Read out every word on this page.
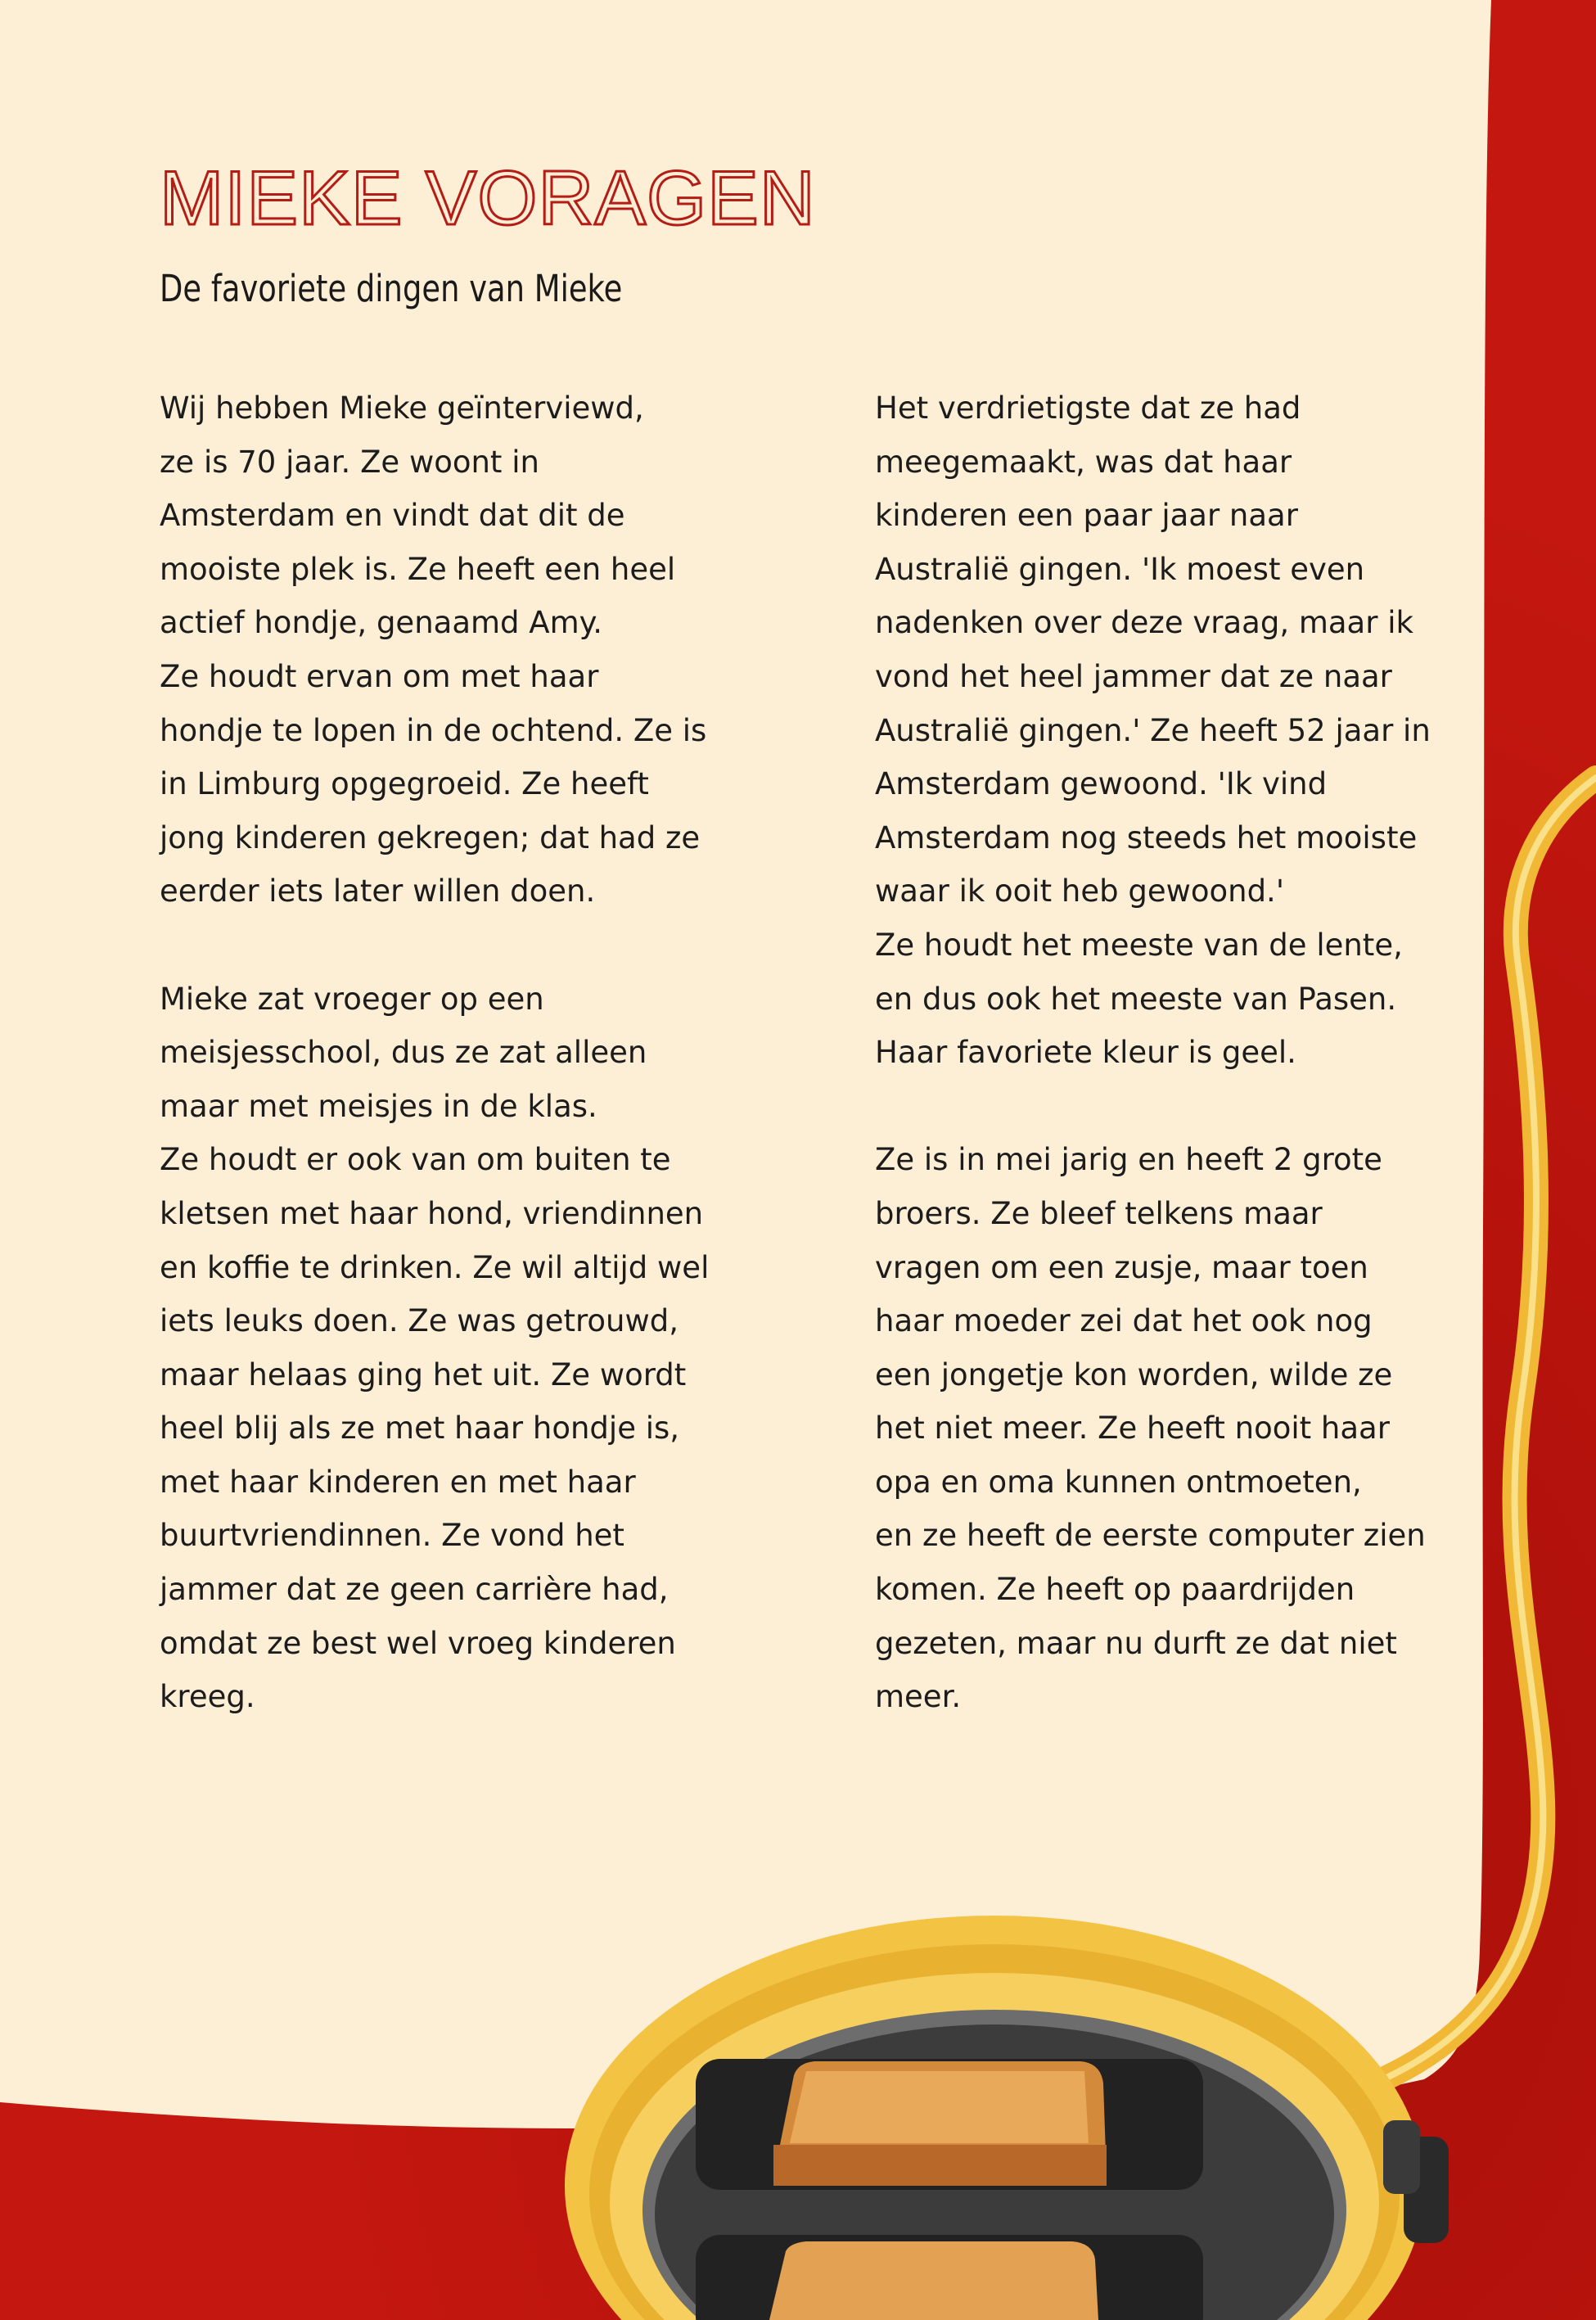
MIEKE VORAGEN
De favoriete dingen van Mieke

Wij hebben Mieke geïnterviewd,
ze is 70 jaar. Ze woont in
Amsterdam en vindt dat dit de
mooiste plek is. Ze heeft een heel
actief hondje, genaamd Amy.
Ze houdt ervan om met haar
hondje te lopen in de ochtend. Ze is
in Limburg opgegroeid. Ze heeft
jong kinderen gekregen; dat had ze
eerder iets later willen doen.

Mieke zat vroeger op een
meisjesschool, dus ze zat alleen
maar met meisjes in de klas.
Ze houdt er ook van om buiten te
kletsen met haar hond, vriendinnen
en koffie te drinken. Ze wil altijd wel
iets leuks doen. Ze was getrouwd,
maar helaas ging het uit. Ze wordt
heel blij als ze met haar hondje is,
met haar kinderen en met haar
buurtvriendinnen. Ze vond het
jammer dat ze geen carrière had,
omdat ze best wel vroeg kinderen
kreeg.

Het verdrietigste dat ze had
meegemaakt, was dat haar
kinderen een paar jaar naar
Australië gingen. 'Ik moest even
nadenken over deze vraag, maar ik
vond het heel jammer dat ze naar
Australië gingen.' Ze heeft 52 jaar in
Amsterdam gewoond. 'Ik vind
Amsterdam nog steeds het mooiste
waar ik ooit heb gewoond.'
Ze houdt het meeste van de lente,
en dus ook het meeste van Pasen.
Haar favoriete kleur is geel.

Ze is in mei jarig en heeft 2 grote
broers. Ze bleef telkens maar
vragen om een zusje, maar toen
haar moeder zei dat het ook nog
een jongetje kon worden, wilde ze
het niet meer. Ze heeft nooit haar
opa en oma kunnen ontmoeten,
en ze heeft de eerste computer zien
komen. Ze heeft op paardrijden
gezeten, maar nu durft ze dat niet
meer.
